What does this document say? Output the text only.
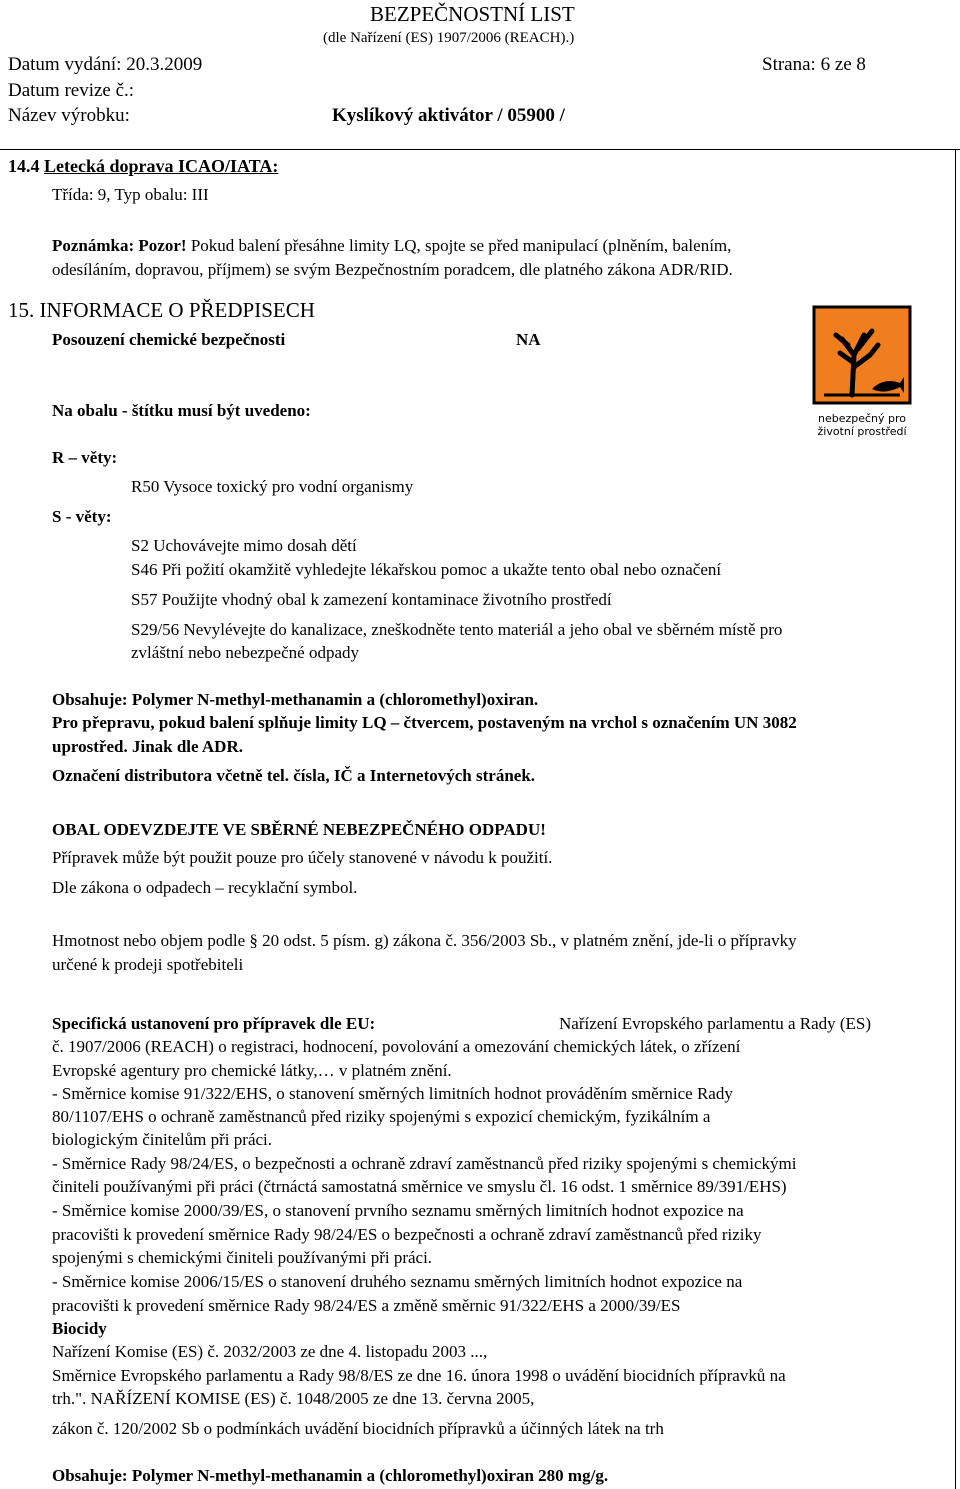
BEZPEČNOSTNÍ LIST
(dle Nařízení (ES) 1907/2006 (REACH).)
Datum vydání: 20.3.2009	Strana: 6 ze 8
Datum revize č.:
Název výrobku:	Kyslíkový aktivátor / 05900 /
14.4 Letecká doprava ICAO/IATA:
Třída: 9, Typ obalu: III
Poznámka: Pozor! Pokud balení přesáhne limity LQ, spojte se před manipulací (plněním, balením,
odesíláním, dopravou, příjmem) se svým Bezpečnostním poradcem, dle platného zákona ADR/RID.
15. INFORMACE O PŘEDPISECH
Posouzení chemické bezpečnosti	NA
nebezpečný pro
životní prostředí
Na obalu - štítku musí být uvedeno:
R – věty:
R50 Vysoce toxický pro vodní organismy
S - věty:
S2 Uchovávejte mimo dosah dětí
S46 Při požití okamžitě vyhledejte lékařskou pomoc a ukažte tento obal nebo označení
S57 Použijte vhodný obal k zamezení kontaminace životního prostředí
S29/56 Nevylévejte do kanalizace, zneškodněte tento materiál a jeho obal ve sběrném místě pro
zvláštní nebo nebezpečné odpady
Obsahuje: Polymer N-methyl-methanamin a (chloromethyl)oxiran.
Pro přepravu, pokud balení splňuje limity LQ – čtvercem, postaveným na vrchol s označením UN 3082
uprostřed. Jinak dle ADR.
Označení distributora včetně tel. čísla, IČ a Internetových stránek.
OBAL ODEVZDEJTE VE SBĚRNÉ NEBEZPEČNÉHO ODPADU!
Přípravek může být použit pouze pro účely stanovené v návodu k použití.
Dle zákona o odpadech – recyklační symbol.
Hmotnost nebo objem podle § 20 odst. 5 písm. g) zákona č. 356/2003 Sb., v platném znění, jde-li o přípravky
určené k prodeji spotřebiteli
Specifická ustanovení pro přípravek dle EU:	Nařízení Evropského parlamentu a Rady (ES)
č. 1907/2006 (REACH) o registraci, hodnocení, povolování a omezování chemických látek, o zřízení
Evropské agentury pro chemické látky,… v platném znění.
- Směrnice komise 91/322/EHS, o stanovení směrných limitních hodnot prováděním směrnice Rady
80/1107/EHS o ochraně zaměstnanců před riziky spojenými s expozicí chemickým, fyzikálním a
biologickým činitelům při práci.
- Směrnice Rady 98/24/ES, o bezpečnosti a ochraně zdraví zaměstnanců před riziky spojenými s chemickými
činiteli používanými při práci (čtrnáctá samostatná směrnice ve smyslu čl. 16 odst. 1 směrnice 89/391/EHS)
- Směrnice komise 2000/39/ES, o stanovení prvního seznamu směrných limitních hodnot expozice na
pracovišti k provedení směrnice Rady 98/24/ES o bezpečnosti a ochraně zdraví zaměstnanců před riziky
spojenými s chemickými činiteli používanými při práci.
- Směrnice komise 2006/15/ES o stanovení druhého seznamu směrných limitních hodnot expozice na
pracovišti k provedení směrnice Rady 98/24/ES a změně směrnic 91/322/EHS a 2000/39/ES
Biocidy
Nařízení Komise (ES) č. 2032/2003 ze dne 4. listopadu 2003 ...,
Směrnice Evropského parlamentu a Rady 98/8/ES ze dne 16. února 1998 o uvádění biocidních přípravků na
trh.". NAŘÍZENÍ KOMISE (ES) č. 1048/2005 ze dne 13. června 2005,
zákon č. 120/2002 Sb o podmínkách uvádění biocidních přípravků a účinných látek na trh
Obsahuje: Polymer N-methyl-methanamin a (chloromethyl)oxiran 280 mg/g.
